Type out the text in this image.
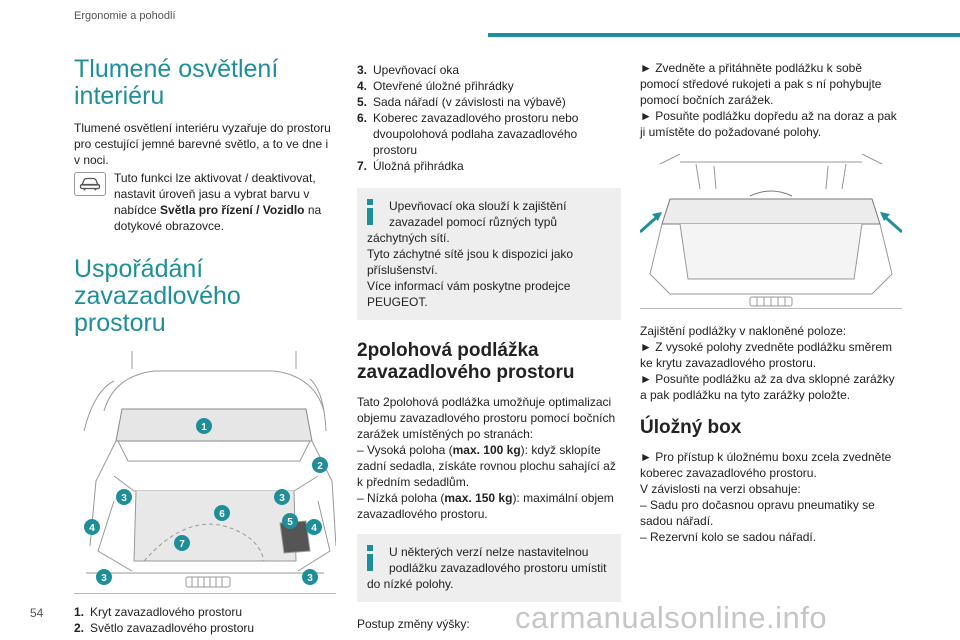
Ergonomie a pohodlí
Tlumené osvětlení interiéru

Tlumené osvětlení interiéru vyzařuje do prostoru pro cestující jemné barevné světlo, a to ve dne i v noci.

Tuto funkci lze aktivovat / deaktivovat, nastavit úroveň jasu a vybrat barvu v nabídce Světla pro řízení / Vozidlo na dotykové obrazovce.
Uspořádání zavazadlového prostoru
1
2
3	3
4	4
5
6
7
3	3
1. Kryt zavazadlového prostoru
2. Světlo zavazadlového prostoru
3. Upevňovací oka
4. Otevřené úložné přihrádky
5. Sada nářadí (v závislosti na výbavě)
6. Koberec zavazadlového prostoru nebo dvoupolohová podlaha zavazadlového prostoru
7. Úložná přihrádka

Upevňovací oka slouží k zajištění zavazadel pomocí různých typů

záchytných sítí.

Tyto záchytné sítě jsou k dispozici jako příslušenství.

Více informací vám poskytne prodejce PEUGEOT.

2polohová podlážka zavazadlového prostoru

Tato 2polohová podlážka umožňuje optimalizaci objemu zavazadlového prostoru pomocí bočních zarážek umístěných po stranách:

– Vysoká poloha (max. 100 kg): když sklopíte zadní sedadla, získáte rovnou plochu sahající až k předním sedadlům.

– Nízká poloha (max. 150 kg): maximální objem zavazadlového prostoru.

U některých verzí nelze nastavitelnou podlážku zavazadlového prostoru umístit

do nízké polohy.

Postup změny výšky:

► Zvedněte a přitáhněte podlážku k sobě pomocí středové rukojeti a pak s ní pohybujte pomocí bočních zarážek.

► Posuňte podlážku dopředu až na doraz a pak ji umístěte do požadované polohy.

Zajištění podlážky v nakloněné poloze:

► Z vysoké polohy zvedněte podlážku směrem ke krytu zavazadlového prostoru.

► Posuňte podlážku až za dva sklopné zarážky a pak podlážku na tyto zarážky položte.

Úložný box

► Pro přístup k úložnému boxu zcela zvedněte koberec zavazadlového prostoru.

V závislosti na verzi obsahuje:

– Sadu pro dočasnou opravu pneumatiky se sadou nářadí.

– Rezervní kolo se sadou nářadí.

54	carmanualsonline.info
